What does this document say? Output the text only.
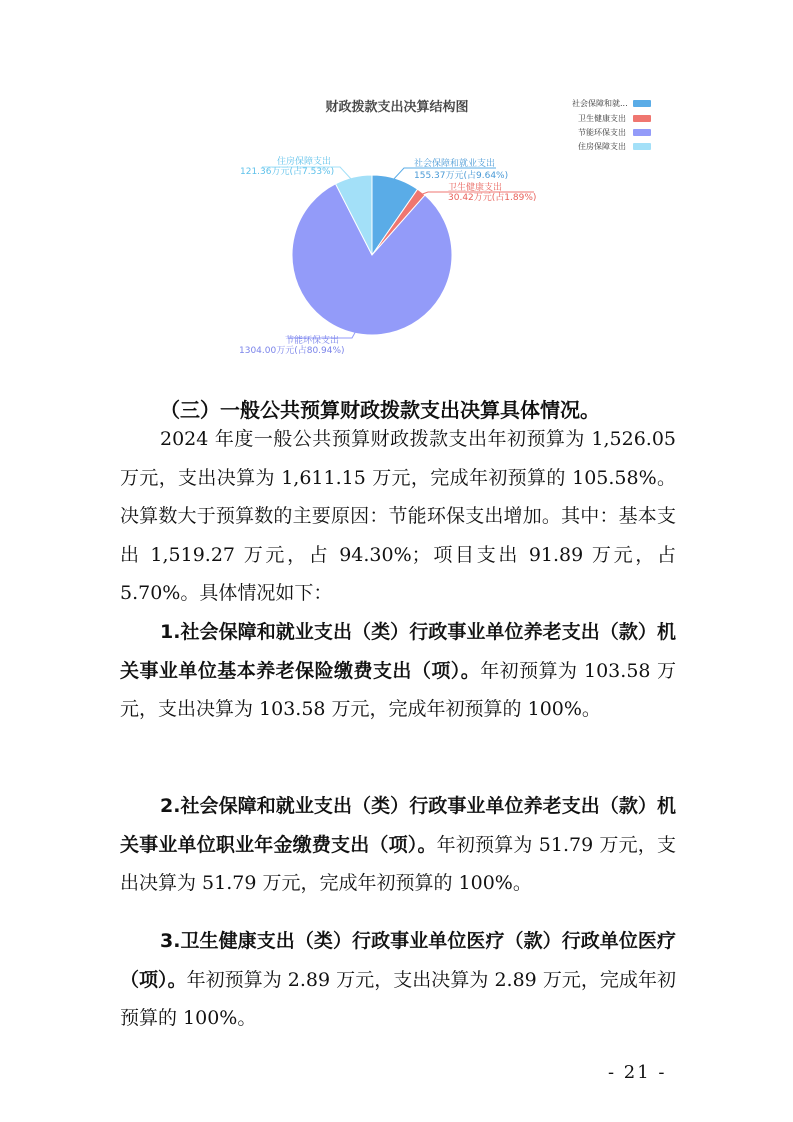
财政拨款支出决算结构图	社会保障和就...
卫生健康支出
节能环保支出
住房保障支出
社会保障和就业支出
155.37万元(占9.64%)
卫生健康支出
30.42万元(占1.89%)
节能环保支出
1304.00万元(占80.94%)
住房保障支出
121.36万元(占7.53%)
（三）一般公共预算财政拨款支出决算具体情况。

2024 年度一般公共预算财政拨款支出年初预算为 1,526.05 万元，支出决算为 1,611.15 万元，完成年初预算的 105.58%。决算数大于预算数的主要原因：节能环保支出增加。其中：基本支出 1,519.27 万元，占 94.30%；项目支出 91.89 万元，占 5.70%。具体情况如下：

1.社会保障和就业支出（类）行政事业单位养老支出（款）机关事业单位基本养老保险缴费支出（项）。年初预算为 103.58 万元，支出决算为 103.58 万元，完成年初预算的 100%。

2.社会保障和就业支出（类）行政事业单位养老支出（款）机关事业单位职业年金缴费支出（项）。年初预算为 51.79 万元，支出决算为 51.79 万元，完成年初预算的 100%。

3.卫生健康支出（类）行政事业单位医疗（款）行政单位医疗（项）。年初预算为 2.89 万元，支出决算为 2.89 万元，完成年初预算的 100%。

- 21 -
